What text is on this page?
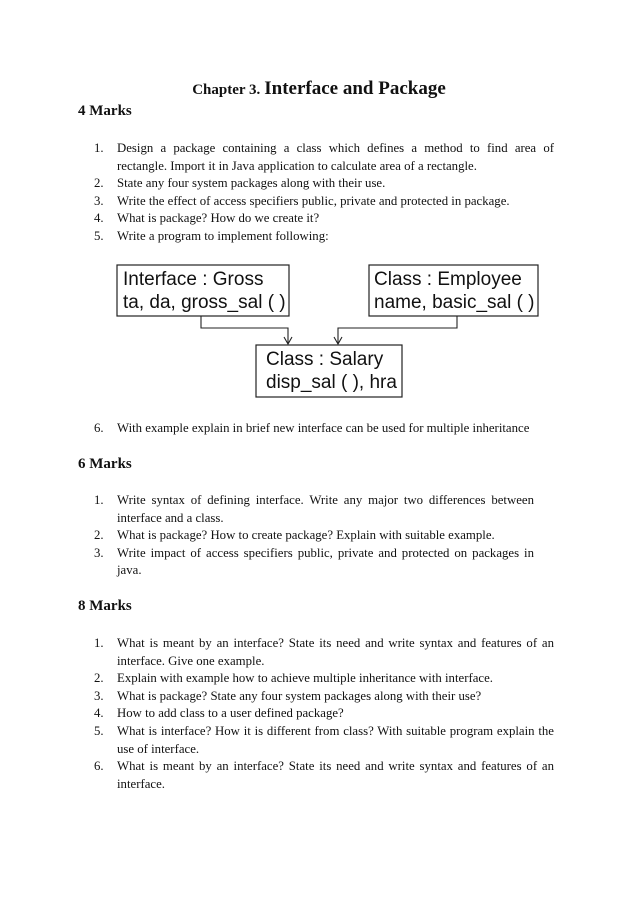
Chapter 3. Interface and Package
4 Marks
1. Design a package containing a class which defines a method to find area of rectangle. Import it in Java application to calculate area of a rectangle.
2. State any four system packages along with their use.
3. Write the effect of access specifiers public, private and protected in package.
4. What is package? How do we create it?
5. Write a program to implement following:
Interface : Gross
ta, da, gross_sal ( )
Class : Employee
name, basic_sal ( )
Class : Salary
disp_sal ( ), hra
6. With example explain in brief new interface can be used for multiple inheritance
6 Marks
1. Write syntax of defining interface. Write any major two differences between interface and a class.
2. What is package? How to create package? Explain with suitable example.
3. Write impact of access specifiers public, private and protected on packages in java.
8 Marks
1. What is meant by an interface? State its need and write syntax and features of an interface. Give one example.
2. Explain with example how to achieve multiple inheritance with interface.
3. What is package? State any four system packages along with their use?
4. How to add class to a user defined package?
5. What is interface? How it is different from class? With suitable program explain the use of interface.
6. What is meant by an interface? State its need and write syntax and features of an interface.
